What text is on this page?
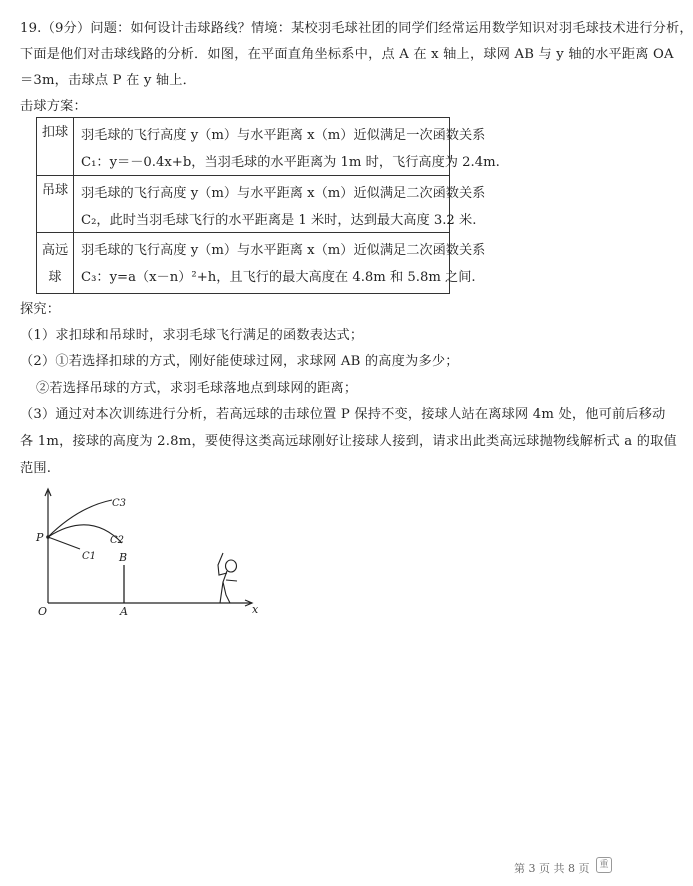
19.（9分）问题：如何设计击球路线？情境：某校羽毛球社团的同学们经常运用数学知识对羽毛球技术进行分析，
下面是他们对击球线路的分析．如图，在平面直角坐标系中，点 A 在 x 轴上，球网 AB 与 y 轴的水平距离 OA
＝3m，击球点 P 在 y 轴上．
击球方案：
扣球 羽毛球的飞行高度 y（m）与水平距离 x（m）近似满足一次函数关系
C₁：y＝－0.4x+b，当羽毛球的水平距离为 1m 时，飞行高度为 2.4m.
吊球 羽毛球的飞行高度 y（m）与水平距离 x（m）近似满足二次函数关系
C₂，此时当羽毛球飞行的水平距离是 1 米时，达到最大高度 3.2 米.
高远
球
羽毛球的飞行高度 y（m）与水平距离 x（m）近似满足二次函数关系
C₃：y=a（x－n）²+h，且飞行的最大高度在 4.8m 和 5.8m 之间.
探究：
（1）求扣球和吊球时，求羽毛球飞行满足的函数表达式；
（2）①若选择扣球的方式，刚好能使球过网，求球网 AB 的高度为多少；
②若选择吊球的方式，求羽毛球落地点到球网的距离；
（3）通过对本次训练进行分析，若高远球的击球位置 P 保持不变，接球人站在离球网 4m 处，他可前后移动
各 1m，接球的高度为 2.8m，要使得这类高远球刚好让接球人接到，请求出此类高远球抛物线解析式 a 的取值
范围.
C3
C2
C1
P
B
O	A	x
第 3 页 共 8 页	重
